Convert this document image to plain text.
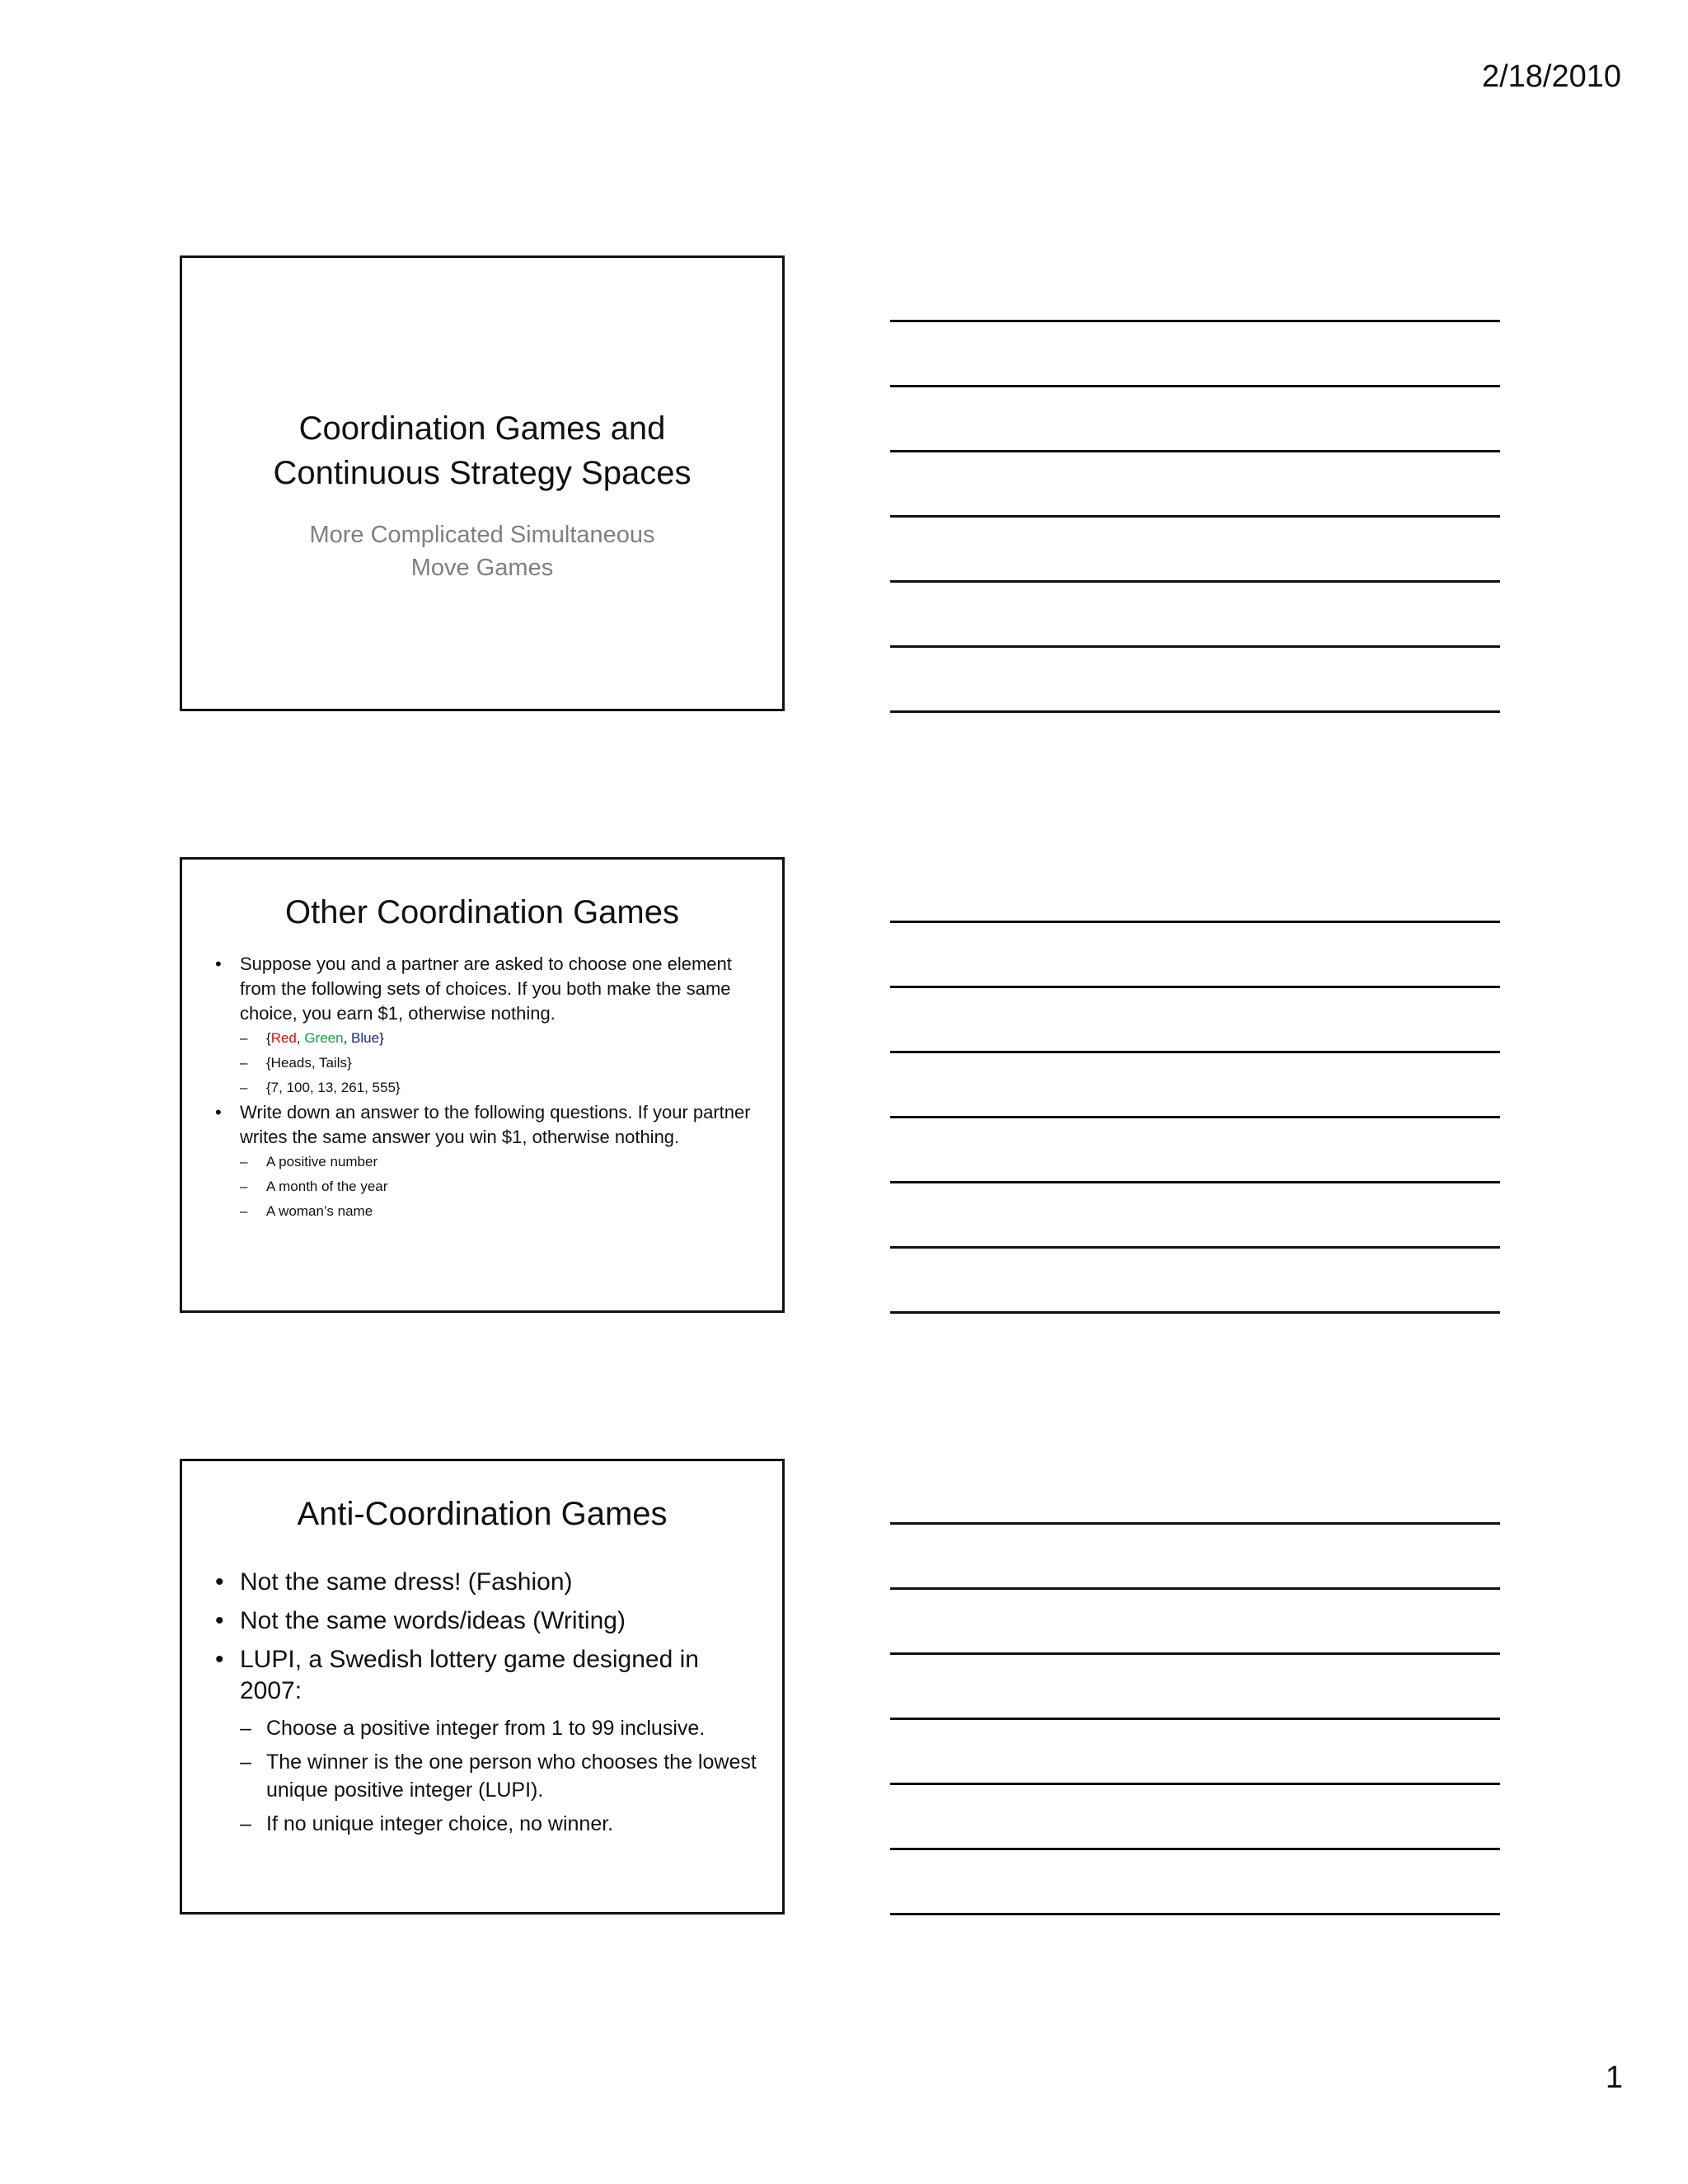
2/18/2010
Coordination Games and
Continuous Strategy Spaces
More Complicated Simultaneous
Move Games
Other Coordination Games
• Suppose you and a partner are asked to choose one element from the following sets of choices. If you both make the same choice, you earn $1, otherwise nothing.
– {Red, Green, Blue}
– {Heads, Tails}
– {7, 100, 13, 261, 555}
• Write down an answer to the following questions. If your partner writes the same answer you win $1, otherwise nothing.
– A positive number
– A month of the year
– A woman’s name
Anti-Coordination Games
• Not the same dress! (Fashion)
• Not the same words/ideas (Writing)
• LUPI, a Swedish lottery game designed in 2007:
– Choose a positive integer from 1 to 99 inclusive.
– The winner is the one person who chooses the lowest unique positive integer (LUPI).
– If no unique integer choice, no winner.
1
